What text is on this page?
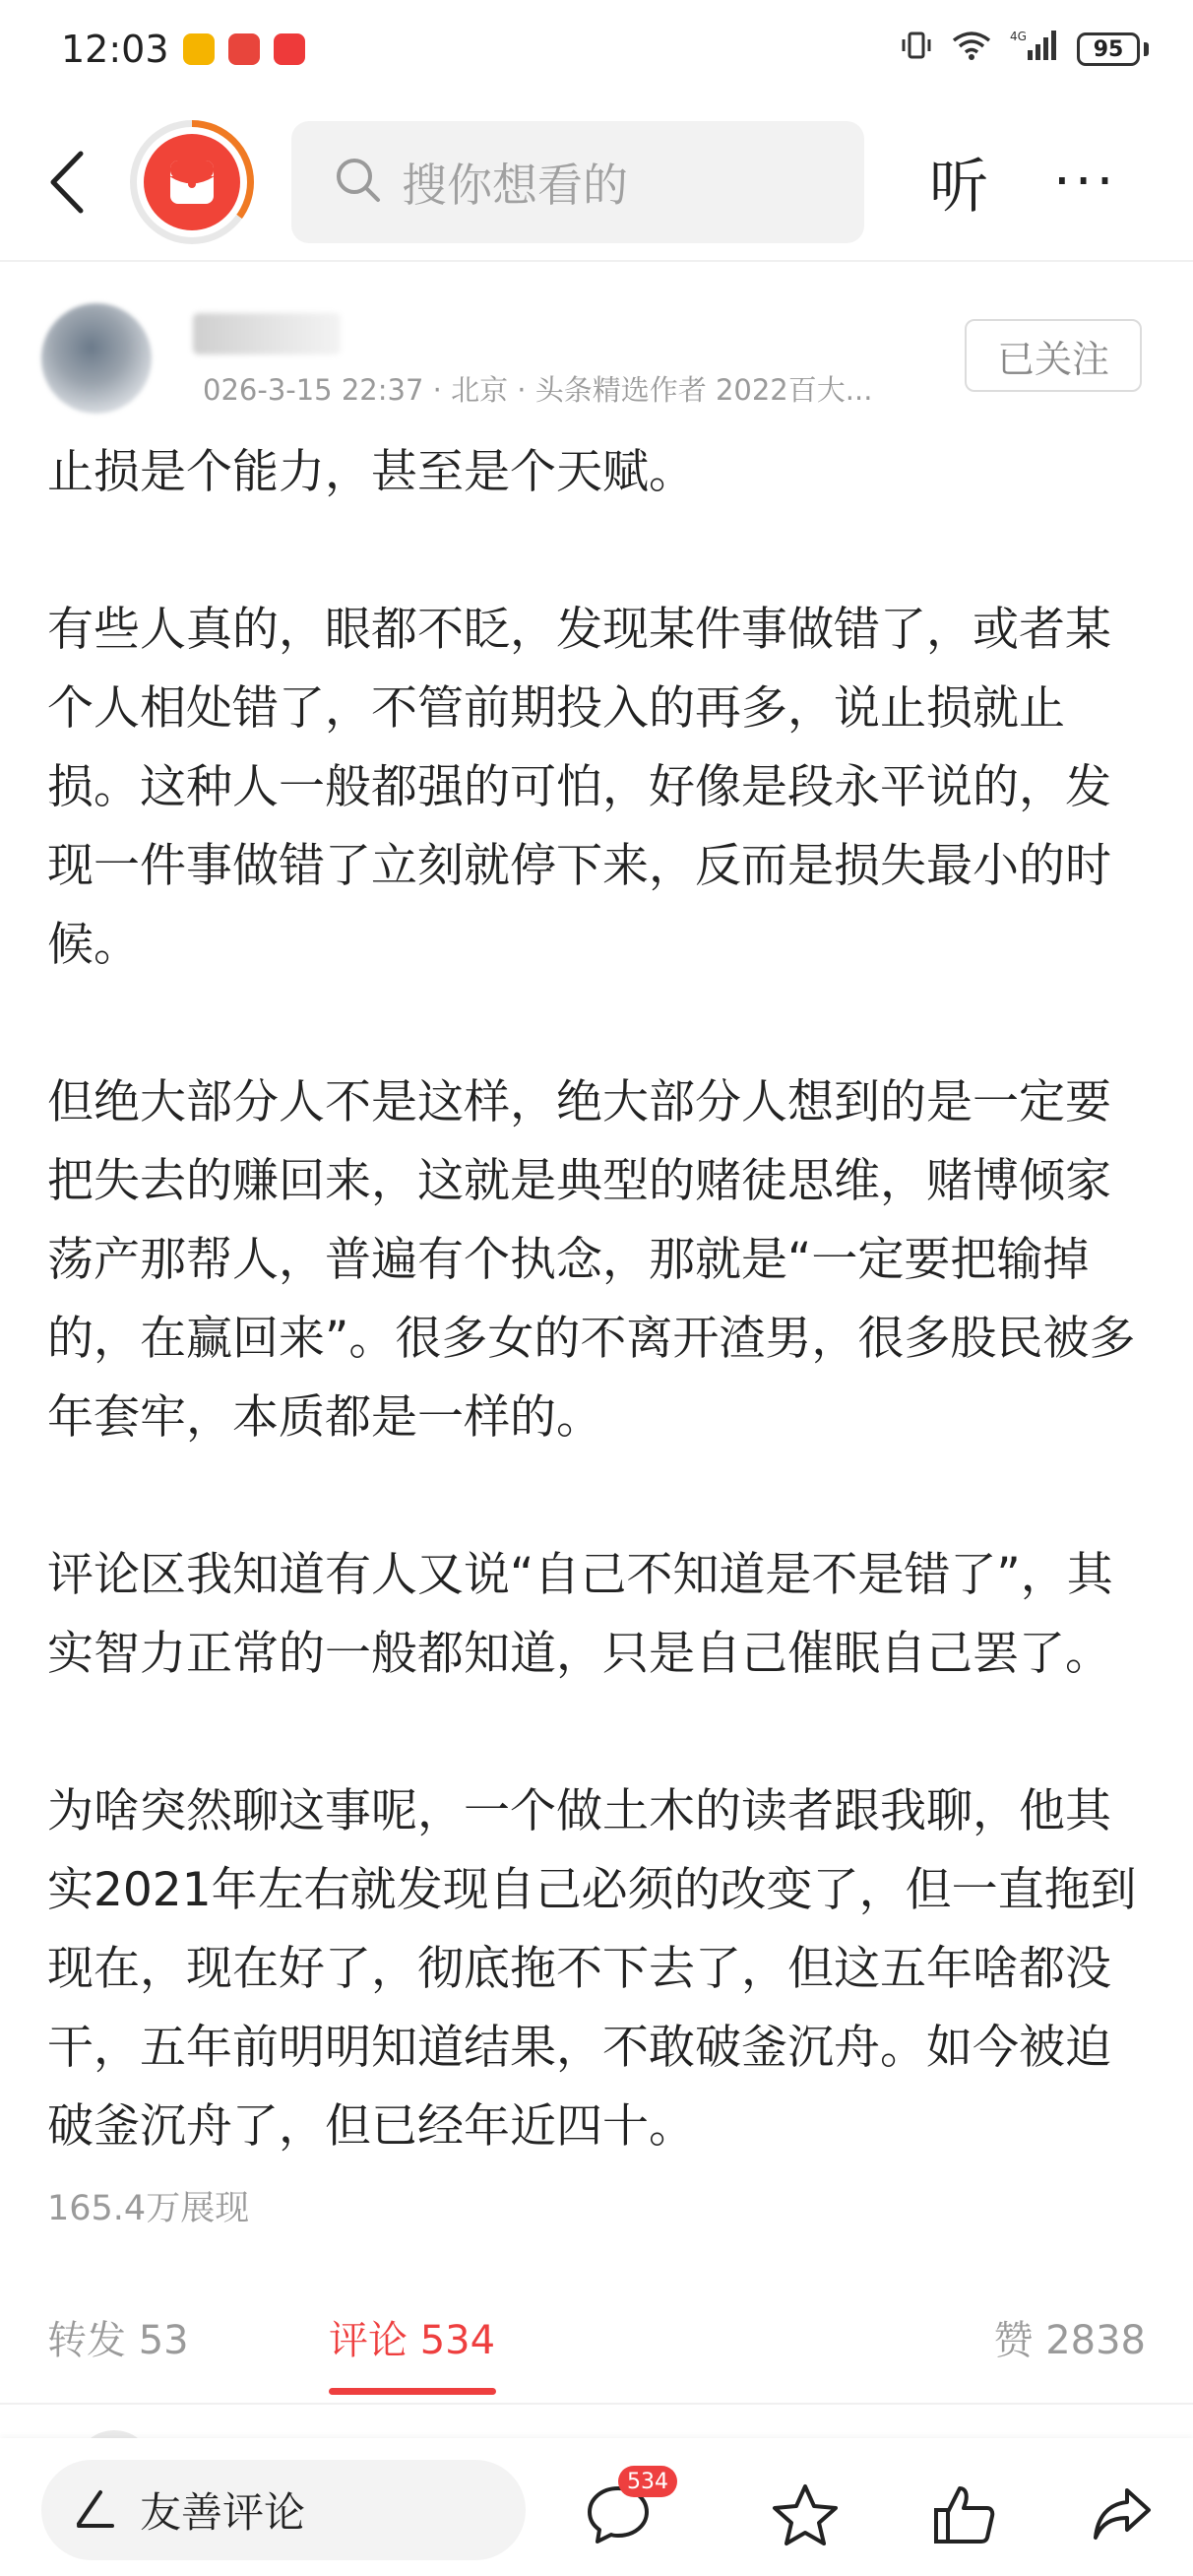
12:03	4G
95
搜你想看的	听 ···
026-3-15 22:37 · 北京 · 头条精选作者 2022百大...
已关注

止损是个能力，甚至是个天赋。

有些人真的，眼都不眨，发现某件事做错了，或者某个人相处错了，不管前期投入的再多，说止损就止损。这种人一般都强的可怕，好像是段永平说的，发现一件事做错了立刻就停下来，反而是损失最小的时候。

但绝大部分人不是这样，绝大部分人想到的是一定要把失去的赚回来，这就是典型的赌徒思维，赌博倾家荡产那帮人，普遍有个执念，那就是“一定要把输掉的，在赢回来”。很多女的不离开渣男，很多股民被多年套牢，本质都是一样的。

评论区我知道有人又说“自己不知道是不是错了”，其实智力正常的一般都知道，只是自己催眠自己罢了。

为啥突然聊这事呢，一个做土木的读者跟我聊，他其实2021年左右就发现自己必须的改变了，但一直拖到现在，现在好了，彻底拖不下去了，但这五年啥都没干，五年前明明知道结果，不敢破釜沉舟。如今被迫破釜沉舟了，但已经年近四十。

165.4万展现
转发 53	评论 534	赞 2838
友善评论
534
